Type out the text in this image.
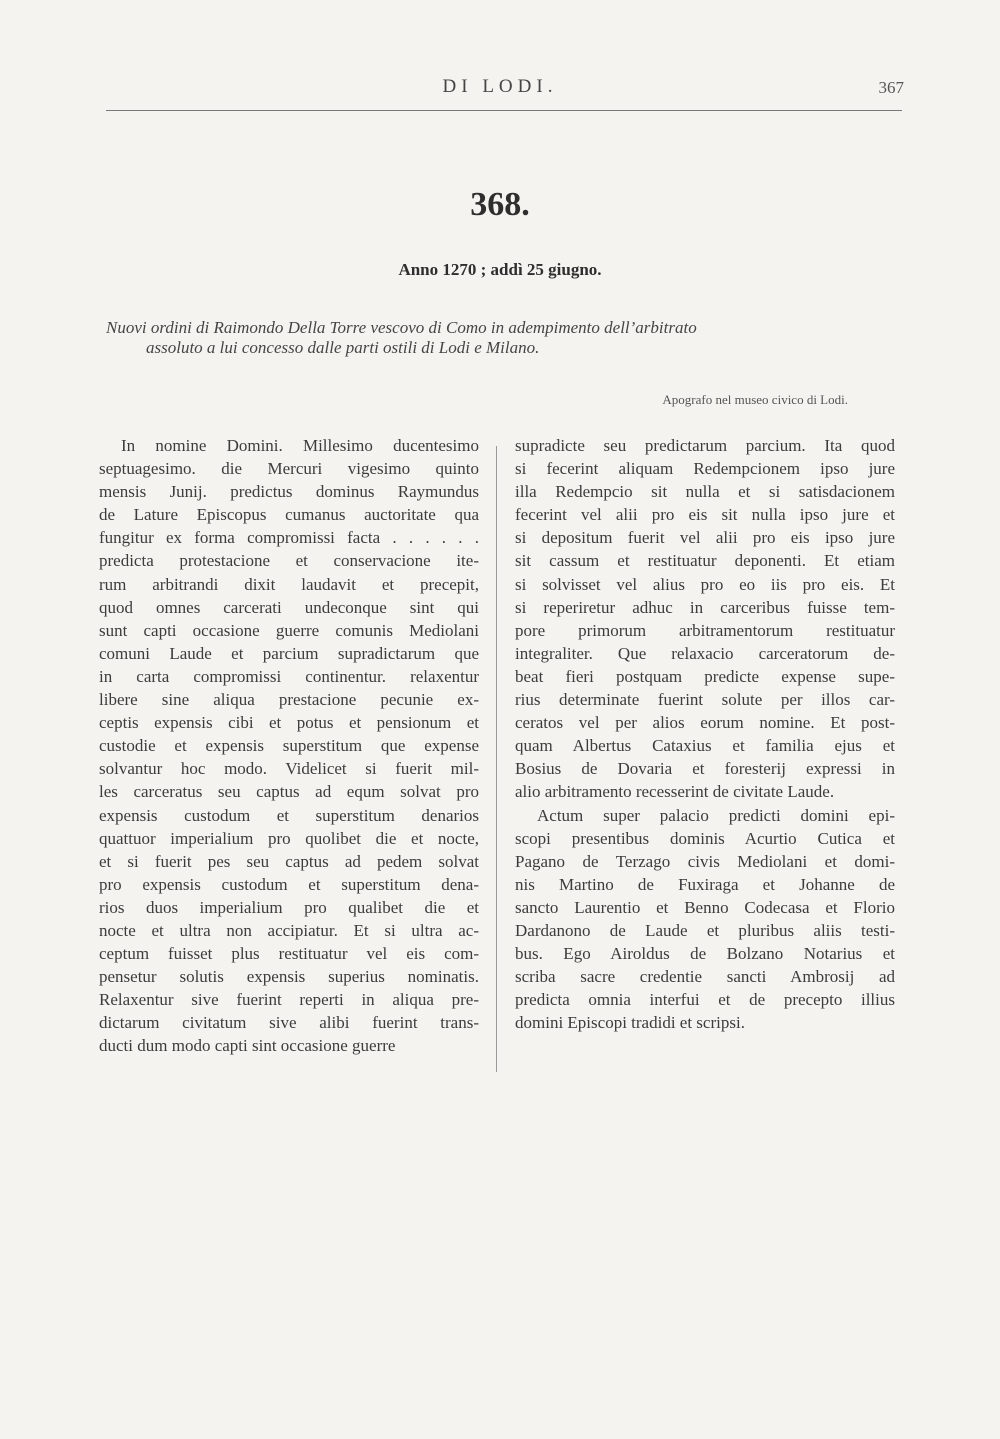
DI LODI.	367
368.
Anno 1270 ; addì 25 giugno.
Nuovi ordini di Raimondo Della Torre vescovo di Como in adempimento dell’arbitrato
assoluto a lui concesso dalle parti ostili di Lodi e Milano.
Apografo nel museo civico di Lodi.

In nomine Domini. Millesimo ducentesimo
septuagesimo. die Mercuri vigesimo quinto
mensis Junij. predictus dominus Raymundus
de Lature Episcopus cumanus auctoritate qua
fungitur ex forma compromissi facta . . . . . .
predicta protestacione et conservacione ite-
rum arbitrandi dixit laudavit et precepit,
quod omnes carcerati undeconque sint qui
sunt capti occasione guerre comunis Mediolani
comuni Laude et parcium supradictarum que
in carta compromissi continentur. relaxentur
libere sine aliqua prestacione pecunie ex-
ceptis expensis cibi et potus et pensionum et
custodie et expensis superstitum que expense
solvantur hoc modo. Videlicet si fuerit mil-
les carceratus seu captus ad equm solvat pro
expensis custodum et superstitum denarios
quattuor imperialium pro quolibet die et nocte,
et si fuerit pes seu captus ad pedem solvat
pro expensis custodum et superstitum dena-
rios duos imperialium pro qualibet die et
nocte et ultra non accipiatur. Et si ultra ac-
ceptum fuisset plus restituatur vel eis com-
pensetur solutis expensis superius nominatis.
Relaxentur sive fuerint reperti in aliqua pre-
dictarum civitatum sive alibi fuerint trans-
ducti dum modo capti sint occasione guerre

supradicte seu predictarum parcium. Ita quod
si fecerint aliquam Redempcionem ipso jure
illa Redempcio sit nulla et si satisdacionem
fecerint vel alii pro eis sit nulla ipso jure et
si depositum fuerit vel alii pro eis ipso jure
sit cassum et restituatur deponenti. Et etiam
si solvisset vel alius pro eo iis pro eis. Et
si reperiretur adhuc in carceribus fuisse tem-
pore primorum arbitramentorum restituatur
integraliter. Que relaxacio carceratorum de-
beat fieri postquam predicte expense supe-
rius determinate fuerint solute per illos car-
ceratos vel per alios eorum nomine. Et post-
quam Albertus Cataxius et familia ejus et
Bosius de Dovaria et foresterij expressi in
alio arbitramento recesserint de civitate Laude.

Actum super palacio predicti domini epi-
scopi presentibus dominis Acurtio Cutica et
Pagano de Terzago civis Mediolani et domi-
nis Martino de Fuxiraga et Johanne de
sancto Laurentio et Benno Codecasa et Florio
Dardanono de Laude et pluribus aliis testi-
bus. Ego Airoldus de Bolzano Notarius et
scriba sacre credentie sancti Ambrosij ad
predicta omnia interfui et de precepto illius
domini Episcopi tradidi et scripsi.
